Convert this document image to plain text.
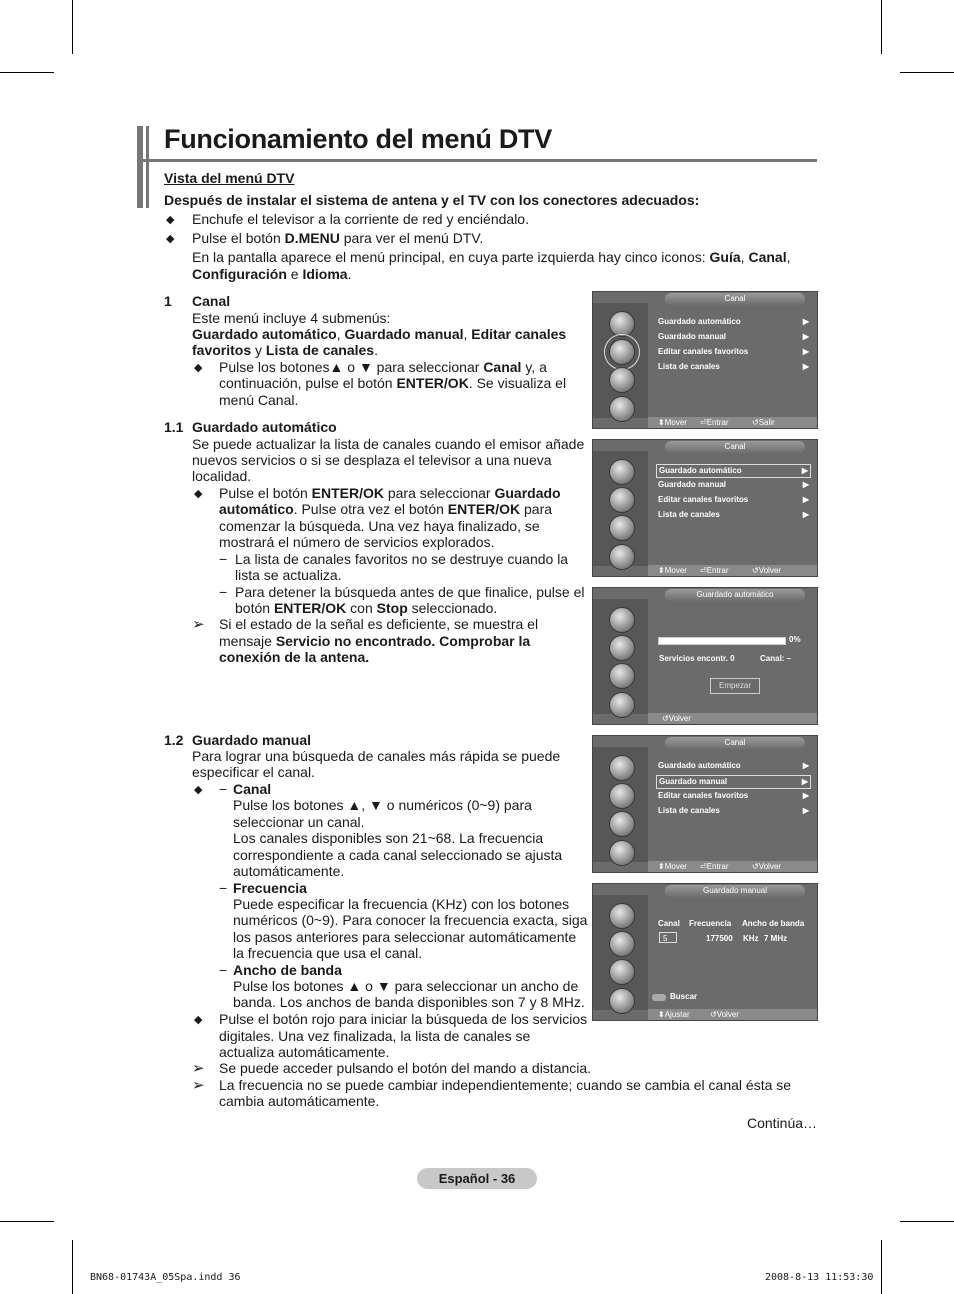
Funcionamiento del menú DTV
Vista del menú DTV
Después de instalar el sistema de antena y el TV con los conectores adecuados:
◆ Enchufe el televisor a la corriente de red y enciéndalo.
◆ Pulse el botón D.MENU para ver el menú DTV.
En la pantalla aparece el menú principal, en cuya parte izquierda hay cinco iconos: Guía, Canal,
Configuración e Idioma.
1 Canal
Este menú incluye 4 submenús:
Guardado automático, Guardado manual, Editar canales
favoritos y Lista de canales.
◆ Pulse los botones▲ o ▼ para seleccionar Canal y, a
continuación, pulse el botón ENTER/OK. Se visualiza el
menú Canal.
1.1 Guardado automático
Se puede actualizar la lista de canales cuando el emisor añade
nuevos servicios o si se desplaza el televisor a una nueva
localidad.
◆ Pulse el botón ENTER/OK para seleccionar Guardado
automático. Pulse otra vez el botón ENTER/OK para
comenzar la búsqueda. Una vez haya finalizado, se
mostrará el número de servicios explorados.
− La lista de canales favoritos no se destruye cuando la
lista se actualiza.
− Para detener la búsqueda antes de que finalice, pulse el
botón ENTER/OK con Stop seleccionado.
➢ Si el estado de la señal es deficiente, se muestra el
mensaje Servicio no encontrado. Comprobar la
conexión de la antena.
1.2 Guardado manual
Para lograr una búsqueda de canales más rápida se puede
especificar el canal.
◆ − Canal
Pulse los botones ▲, ▼ o numéricos (0~9) para
seleccionar un canal.
Los canales disponibles son 21~68. La frecuencia
correspondiente a cada canal seleccionado se ajusta
automáticamente.
− Frecuencia
Puede especificar la frecuencia (KHz) con los botones
numéricos (0~9). Para conocer la frecuencia exacta, siga
los pasos anteriores para seleccionar automáticamente
la frecuencia que usa el canal.
− Ancho de banda
Pulse los botones ▲ o ▼ para seleccionar un ancho de
banda. Los anchos de banda disponibles son 7 y 8 MHz.
◆ Pulse el botón rojo para iniciar la búsqueda de los servicios
digitales. Una vez finalizada, la lista de canales se
actualiza automáticamente.
➢ Se puede acceder pulsando el botón del mando a distancia.
➢ La frecuencia no se puede cambiar independientemente; cuando se cambia el canal ésta se
cambia automáticamente.
Continúa…
Canal
Guardado automático	▶
Guardado manual	▶
Editar canales favoritos	▶
Lista de canales	▶
⬍ Mover ⏎ Entrar	↺ Salir
Canal
Guardado automático	▶
Guardado manual	▶
Editar canales favoritos	▶
Lista de canales	▶
⬍ Mover ⏎ Entrar	↺ Volver
Guardado automático
0%
Servicios encontr. 0	Canal: –
Empezar
↺ Volver
Canal
Guardado automático	▶
Guardado manual	▶
Editar canales favoritos	▶
Lista de canales	▶
⬍ Mover ⏎ Entrar	↺ Volver
Guardado manual
Canal Frecuencia Ancho de banda
5	177500 KHz 7 MHz
Buscar
⬍ Ajustar	↺ Volver
Español - 36
BN68-01743A_05Spa.indd 36	2008-8-13 11:53:30
